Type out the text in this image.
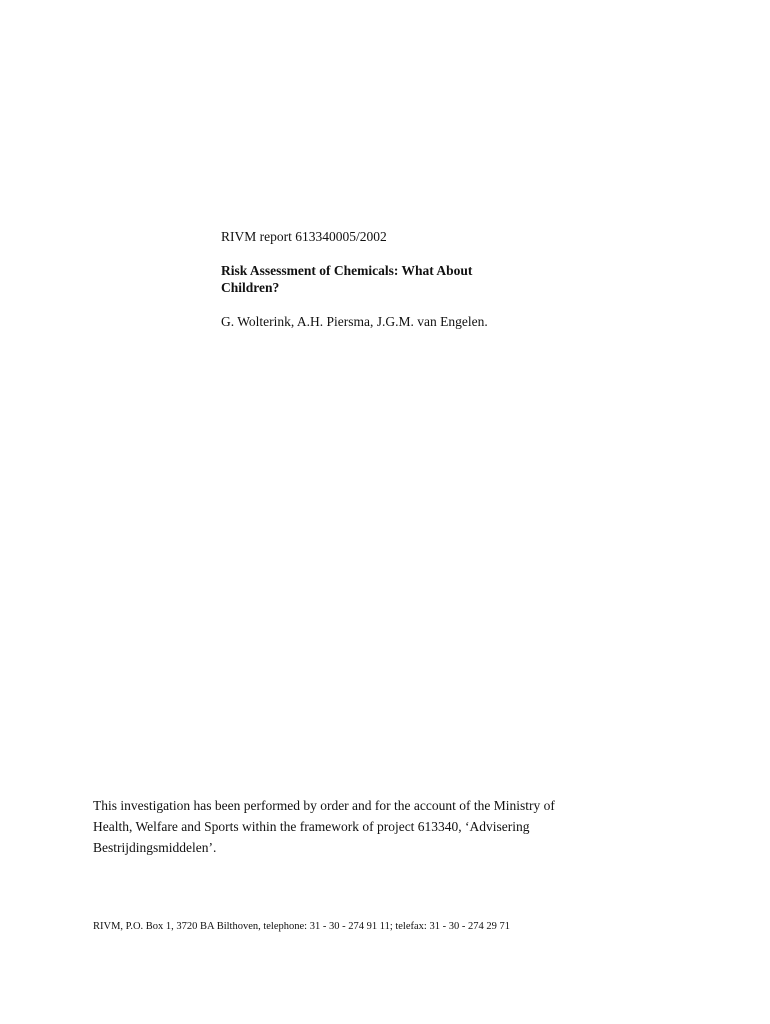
RIVM report 613340005/2002
Risk Assessment of Chemicals: What About
Children?
G. Wolterink, A.H. Piersma, J.G.M. van Engelen.
This investigation has been performed by order and for the account of the Ministry of
Health, Welfare and Sports within the framework of project 613340, ‘Advisering
Bestrijdingsmiddelen’.
RIVM, P.O. Box 1, 3720 BA Bilthoven, telephone: 31 - 30 - 274 91 11; telefax: 31 - 30 - 274 29 71
